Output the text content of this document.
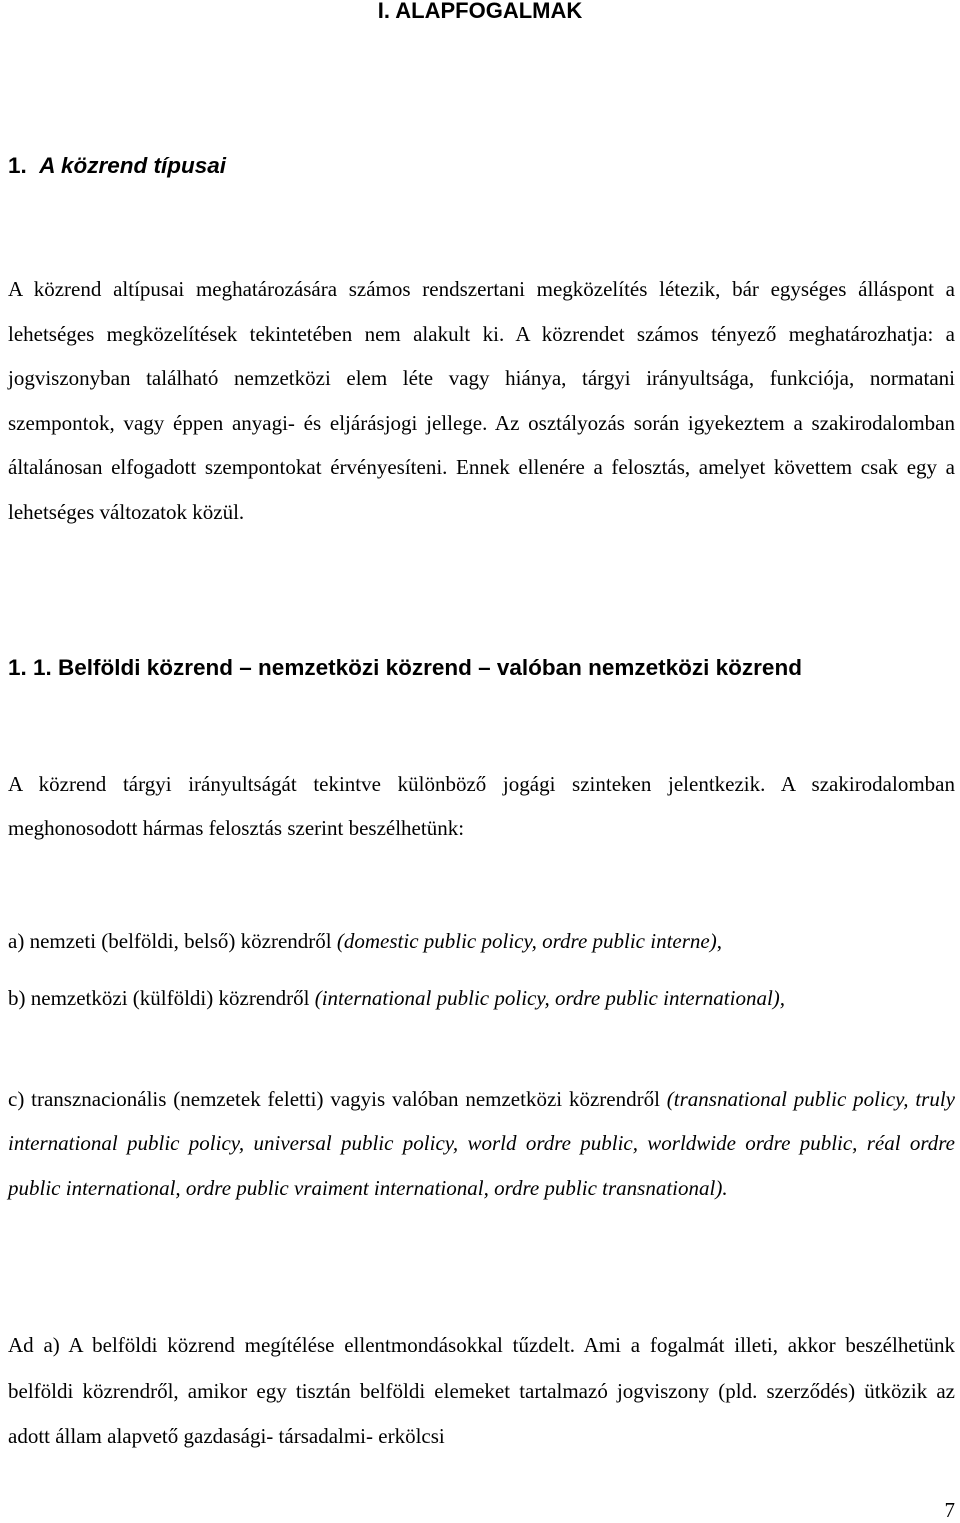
I. ALAPFOGALMAK
1. A közrend típusai

A közrend altípusai meghatározására számos rendszertani megközelítés létezik, bár egységes álláspont a lehetséges megközelítések tekintetében nem alakult ki. A közrendet számos tényező meghatározhatja: a jogviszonyban található nemzetközi elem léte vagy hiánya, tárgyi irányultsága, funkciója, normatani szempontok, vagy éppen anyagi- és eljárásjogi jellege. Az osztályozás során igyekeztem a szakirodalomban általánosan elfogadott szempontokat érvényesíteni. Ennek ellenére a felosztás, amelyet követtem csak egy a lehetséges változatok közül.

1. 1. Belföldi közrend – nemzetközi közrend – valóban nemzetközi közrend

A közrend tárgyi irányultságát tekintve különböző jogági szinteken jelentkezik. A szakirodalomban meghonosodott hármas felosztás szerint beszélhetünk:

a) nemzeti (belföldi, belső) közrendről (domestic public policy, ordre public interne),

b) nemzetközi (külföldi) közrendről (international public policy, ordre public international),

c) transznacionális (nemzetek feletti) vagyis valóban nemzetközi közrendről (transnational public policy, truly international public policy, universal public policy, world ordre public, worldwide ordre public, réal ordre public international, ordre public vraiment international, ordre public transnational).

Ad a) A belföldi közrend megítélése ellentmondásokkal tűzdelt. Ami a fogalmát illeti, akkor beszélhetünk belföldi közrendről, amikor egy tisztán belföldi elemeket tartalmazó jogviszony (pld. szerződés) ütközik az adott állam alapvető gazdasági- társadalmi- erkölcsi

7
